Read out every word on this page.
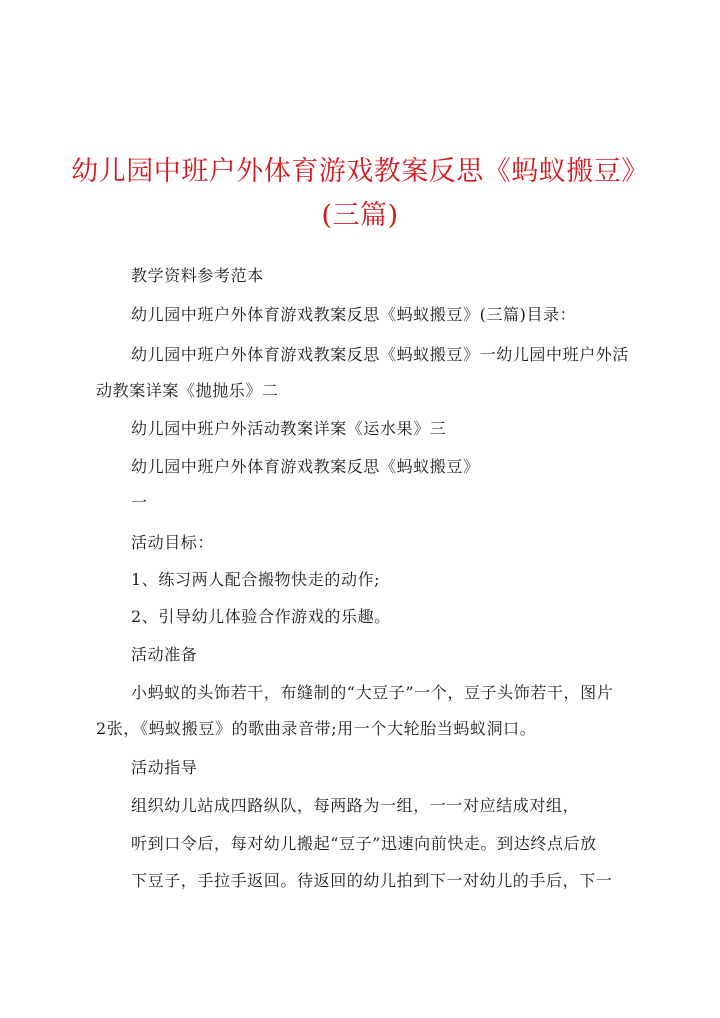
幼儿园中班户外体育游戏教案反思《蚂蚁搬豆》
(三篇)
教学资料参考范本
幼儿园中班户外体育游戏教案反思《蚂蚁搬豆》(三篇)目录：
幼儿园中班户外体育游戏教案反思《蚂蚁搬豆》一幼儿园中班户外活
动教案详案《抛抛乐》二
幼儿园中班户外活动教案详案《运水果》三
幼儿园中班户外体育游戏教案反思《蚂蚁搬豆》
一
活动目标：
1、练习两人配合搬物快走的动作;
2、引导幼儿体验合作游戏的乐趣。
活动准备
小蚂蚁的头饰若干，布缝制的“大豆子”一个，豆子头饰若干，图片
2张，《蚂蚁搬豆》的歌曲录音带;用一个大轮胎当蚂蚁洞口。
活动指导
组织幼儿站成四路纵队，每两路为一组，一一对应结成对组，
听到口令后，每对幼儿搬起“豆子”迅速向前快走。到达终点后放
下豆子，手拉手返回。待返回的幼儿拍到下一对幼儿的手后，下一
